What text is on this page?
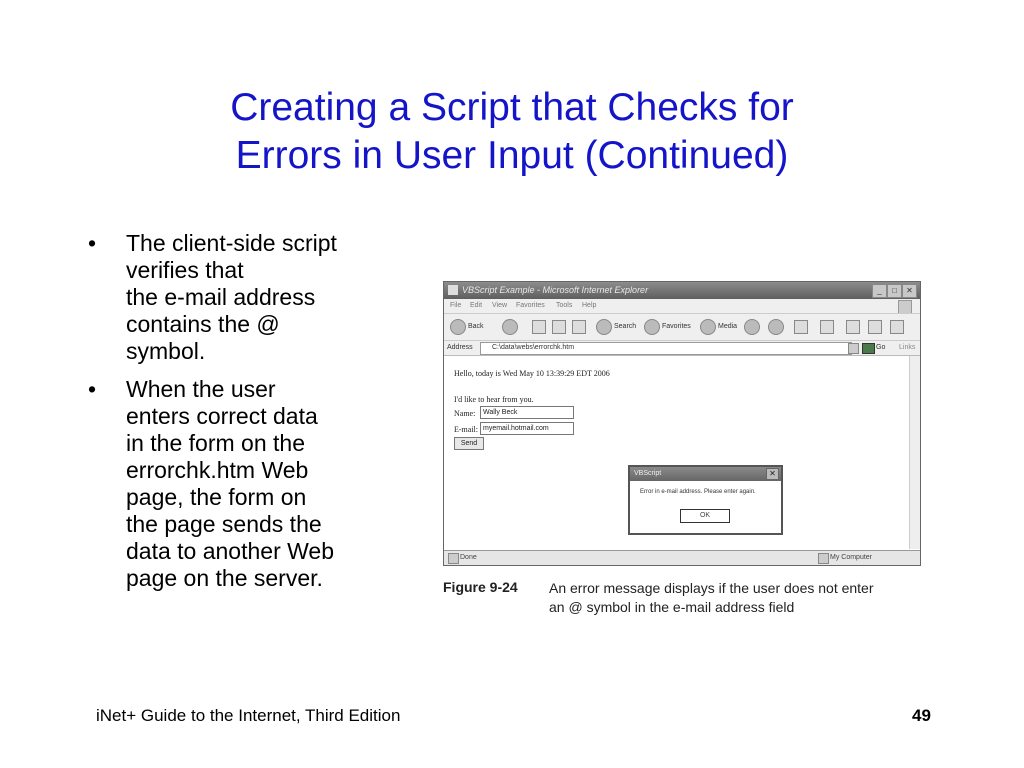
Creating a Script that Checks for
Errors in User Input (Continued)
• The client-side script
verifies that
the e-mail address
contains the @
symbol.
• When the user
enters correct data
in the form on the
errorchk.htm Web
page, the form on
the page sends the
data to another Web
page on the server.
VBScript Example - Microsoft Internet Explorer	_	□	✕
File Edit View Favorites Tools Help
Back	Search	Favorites	Media
Address	C:\data\webs\errorchk.htm	Go Links
Hello, today is Wed May 10 13:39:29 EDT 2006
I'd like to hear from you.
Name:	Wally Beck
E-mail: myemail.hotmail.com
Send
VBScript	✕
Error in e-mail address. Please enter again.
OK
Done	My Computer
Figure 9-24 An error message displays if the user does not enter
an @ symbol in the e-mail address field
iNet+ Guide to the Internet, Third Edition	49
